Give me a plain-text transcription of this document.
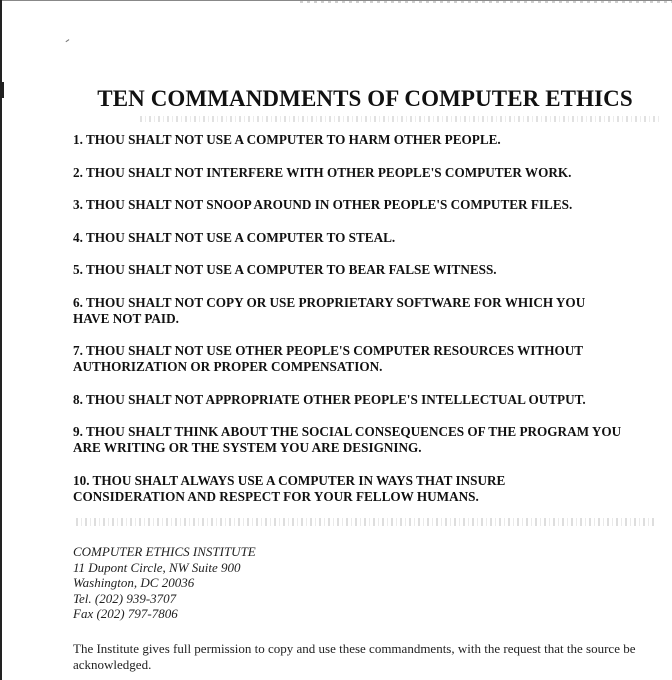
TEN COMMANDMENTS OF COMPUTER ETHICS
1. THOU SHALT NOT USE A COMPUTER TO HARM OTHER PEOPLE.
2. THOU SHALT NOT INTERFERE WITH OTHER PEOPLE'S COMPUTER WORK.
3. THOU SHALT NOT SNOOP AROUND IN OTHER PEOPLE'S COMPUTER FILES.
4. THOU SHALT NOT USE A COMPUTER TO STEAL.
5. THOU SHALT NOT USE A COMPUTER TO BEAR FALSE WITNESS.
6. THOU SHALT NOT COPY OR USE PROPRIETARY SOFTWARE FOR WHICH YOU
HAVE NOT PAID.
7. THOU SHALT NOT USE OTHER PEOPLE'S COMPUTER RESOURCES WITHOUT
AUTHORIZATION OR PROPER COMPENSATION.
8. THOU SHALT NOT APPROPRIATE OTHER PEOPLE'S INTELLECTUAL OUTPUT.
9. THOU SHALT THINK ABOUT THE SOCIAL CONSEQUENCES OF THE PROGRAM YOU
ARE WRITING OR THE SYSTEM YOU ARE DESIGNING.
10. THOU SHALT ALWAYS USE A COMPUTER IN WAYS THAT INSURE
CONSIDERATION AND RESPECT FOR YOUR FELLOW HUMANS.
COMPUTER ETHICS INSTITUTE
11 Dupont Circle, NW Suite 900
Washington, DC 20036
Tel. (202) 939-3707
Fax (202) 797-7806

The Institute gives full permission to copy and use these commandments, with the request that the source be acknowledged.
